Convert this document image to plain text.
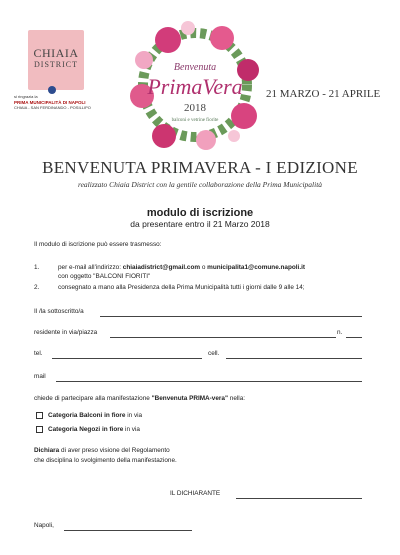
CHIAIA
DISTRICT
si ringrazia la
PRIMA MUNICIPALITÀ DI NAPOLI
CHIAIA - SAN FERDINANDO - POSILLIPO
Benvenuta
PrimaVera
2018
balconi e vetrine fiorite
21 MARZO - 21 APRILE
BENVENUTA PRIMAVERA - I EDIZIONE
realizzato Chiaia District con la gentile collaborazione della Prima Municipalità
modulo di iscrizione
da presentare entro il 21 Marzo 2018
Il modulo di iscrizione può essere trasmesso:
1.	per e-mail all'indirizzo: chiaiadistrict@gmail.com o municipalita1@comune.napoli.it
con oggetto "BALCONI FIORITI"
2.	consegnato a mano alla Presidenza della Prima Municipalità tutti i giorni dalle 9 alle 14;
Il /la sottoscritto/a
residente in via/piazza	n.
tel.	cell.
mail
chiede di partecipare alla manifestazione "Benvenuta PRIMA-vera" nella:
Categoria Balconi in fiore in via
Categoria Negozi in fiore in via
Dichiara di aver preso visione del Regolamento
che disciplina lo svolgimento della manifestazione.
IL DICHIARANTE
Napoli,
